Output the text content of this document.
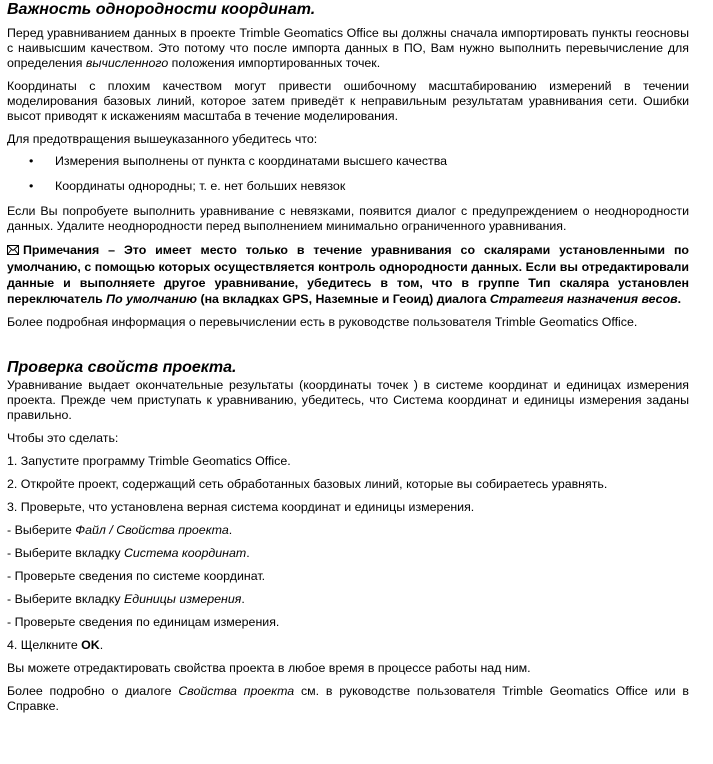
Важность однородности координат.

Перед уравниванием данных в проекте Trimble Geomatics Office вы должны сначала импортировать пункты геосновы с наивысшим качеством. Это потому что после импорта данных в ПО, Вам нужно выполнить перевычисление для определения вычисленного положения импортированных точек.

Координаты с плохим качеством могут привести ошибочному масштабированию измерений в течении моделирования базовых линий, которое затем приведёт к неправильным результатам уравнивания сети. Ошибки высот приводят к искажениям масштаба в течение моделирования.

Для предотвращения вышеуказанного убедитесь что:

• Измерения выполнены от пункта с координатами высшего качества
• Координаты однородны; т. е. нет больших невязок

Если Вы попробуете выполнить уравнивание с невязками, появится диалог с предупреждением о неоднородности данных. Удалите неоднородности перед выполнением минимально ограниченного уравнивания.

Примечания – Это имеет место только в течение уравнивания со скалярами установленными по умолчанию, с помощью которых осуществляется контроль однородности данных. Если вы отредактировали данные и выполняете другое уравнивание, убедитесь в том, что в группе Тип скаляра установлен переключатель По умолчанию (на вкладках GPS, Наземные и Геоид) диалога Стратегия назначения весов.

Более подробная информация о перевычислении есть в руководстве пользователя Trimble Geomatics Office.

Проверка свойств проекта.

Уравнивание выдает окончательные результаты (координаты точек ) в системе координат и единицах измерения проекта. Прежде чем приступать к уравниванию, убедитесь, что Система координат и единицы измерения заданы правильно.

Чтобы это сделать:

1. Запустите программу Trimble Geomatics Office.

2. Откройте проект, содержащий сеть обработанных базовых линий, которые вы собираетесь уравнять.

3. Проверьте, что установлена верная система координат и единицы измерения.

- Выберите Файл / Свойства проекта.

- Выберите вкладку Система координат.

- Проверьте сведения по системе координат.

- Выберите вкладку Единицы измерения.

- Проверьте сведения по единицам измерения.

4. Щелкните OK.

Вы можете отредактировать свойства проекта в любое время в процессе работы над ним.

Более подробно о диалоге Свойства проекта см. в руководстве пользователя Trimble Geomatics Office или в Справке.
